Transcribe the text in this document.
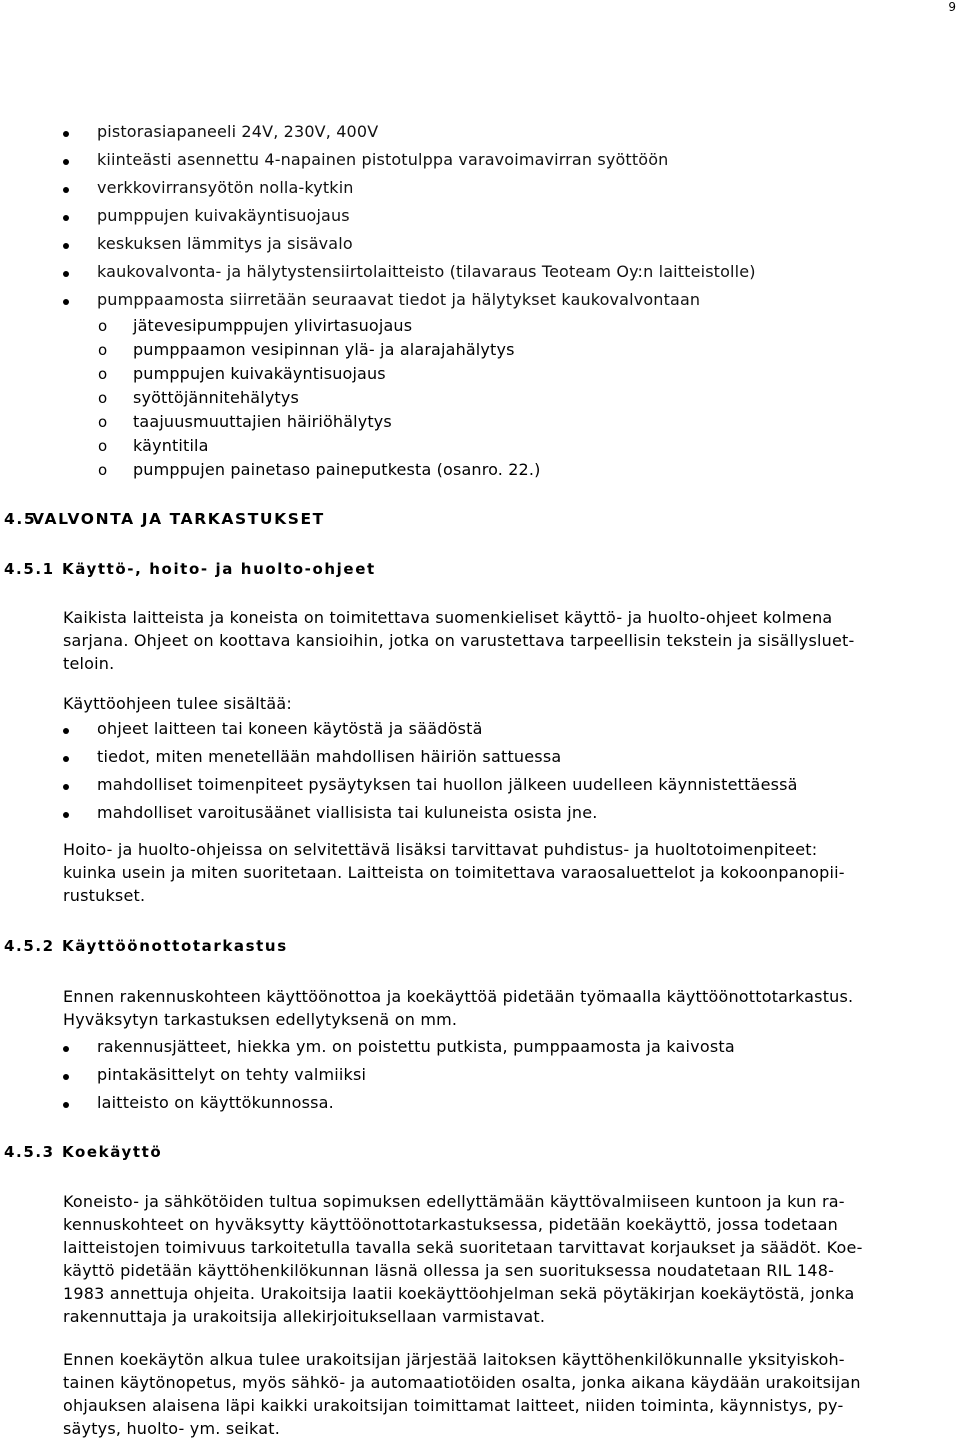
9
pistorasiapaneeli 24V, 230V, 400V
kiinteästi asennettu 4-napainen pistotulppa varavoimavirran syöttöön
verkkovirransyötön nolla-kytkin
pumppujen kuivakäyntisuojaus
keskuksen lämmitys ja sisävalo
kaukovalvonta- ja hälytystensiirtolaitteisto (tilavaraus Teoteam Oy:n laitteistolle)
pumppaamosta siirretään seuraavat tiedot ja hälytykset kaukovalvontaan
o jätevesipumppujen ylivirtasuojaus
o pumppaamon vesipinnan ylä- ja alarajahälytys
o pumppujen kuivakäyntisuojaus
o syöttöjännitehälytys
o taajuusmuuttajien häiriöhälytys
o käyntitila
o pumppujen painetaso paineputkesta (osanro. 22.)
4.5VALVONTA JA TARKASTUKSET
4.5.1 Käyttö-, hoito- ja huolto-ohjeet
Kaikista laitteista ja koneista on toimitettava suomenkieliset käyttö- ja huolto-ohjeet kolmena
sarjana. Ohjeet on koottava kansioihin, jotka on varustettava tarpeellisin tekstein ja sisällysluet-
teloin.
Käyttöohjeen tulee sisältää:
ohjeet laitteen tai koneen käytöstä ja säädöstä
tiedot, miten menetellään mahdollisen häiriön sattuessa
mahdolliset toimenpiteet pysäytyksen tai huollon jälkeen uudelleen käynnistettäessä
mahdolliset varoitusäänet viallisista tai kuluneista osista jne.
Hoito- ja huolto-ohjeissa on selvitettävä lisäksi tarvittavat puhdistus- ja huoltotoimenpiteet:
kuinka usein ja miten suoritetaan. Laitteista on toimitettava varaosaluettelot ja kokoonpanopii-
rustukset.
4.5.2 Käyttöönottotarkastus
Ennen rakennuskohteen käyttöönottoa ja koekäyttöä pidetään työmaalla käyttöönottotarkastus.
Hyväksytyn tarkastuksen edellytyksenä on mm.
rakennusjätteet, hiekka ym. on poistettu putkista, pumppaamosta ja kaivosta
pintakäsittelyt on tehty valmiiksi
laitteisto on käyttökunnossa.
4.5.3 Koekäyttö
Koneisto- ja sähkötöiden tultua sopimuksen edellyttämään käyttövalmiiseen kuntoon ja kun ra-
kennuskohteet on hyväksytty käyttöönottotarkastuksessa, pidetään koekäyttö, jossa todetaan
laitteistojen toimivuus tarkoitetulla tavalla sekä suoritetaan tarvittavat korjaukset ja säädöt. Koe-
käyttö pidetään käyttöhenkilökunnan läsnä ollessa ja sen suorituksessa noudatetaan RIL 148-
1983 annettuja ohjeita. Urakoitsija laatii koekäyttöohjelman sekä pöytäkirjan koekäytöstä, jonka
rakennuttaja ja urakoitsija allekirjoituksellaan varmistavat.
Ennen koekäytön alkua tulee urakoitsijan järjestää laitoksen käyttöhenkilökunnalle yksityiskoh-
tainen käytönopetus, myös sähkö- ja automaatiotöiden osalta, jonka aikana käydään urakoitsijan
ohjauksen alaisena läpi kaikki urakoitsijan toimittamat laitteet, niiden toiminta, käynnistys, py-
säytys, huolto- ym. seikat.
